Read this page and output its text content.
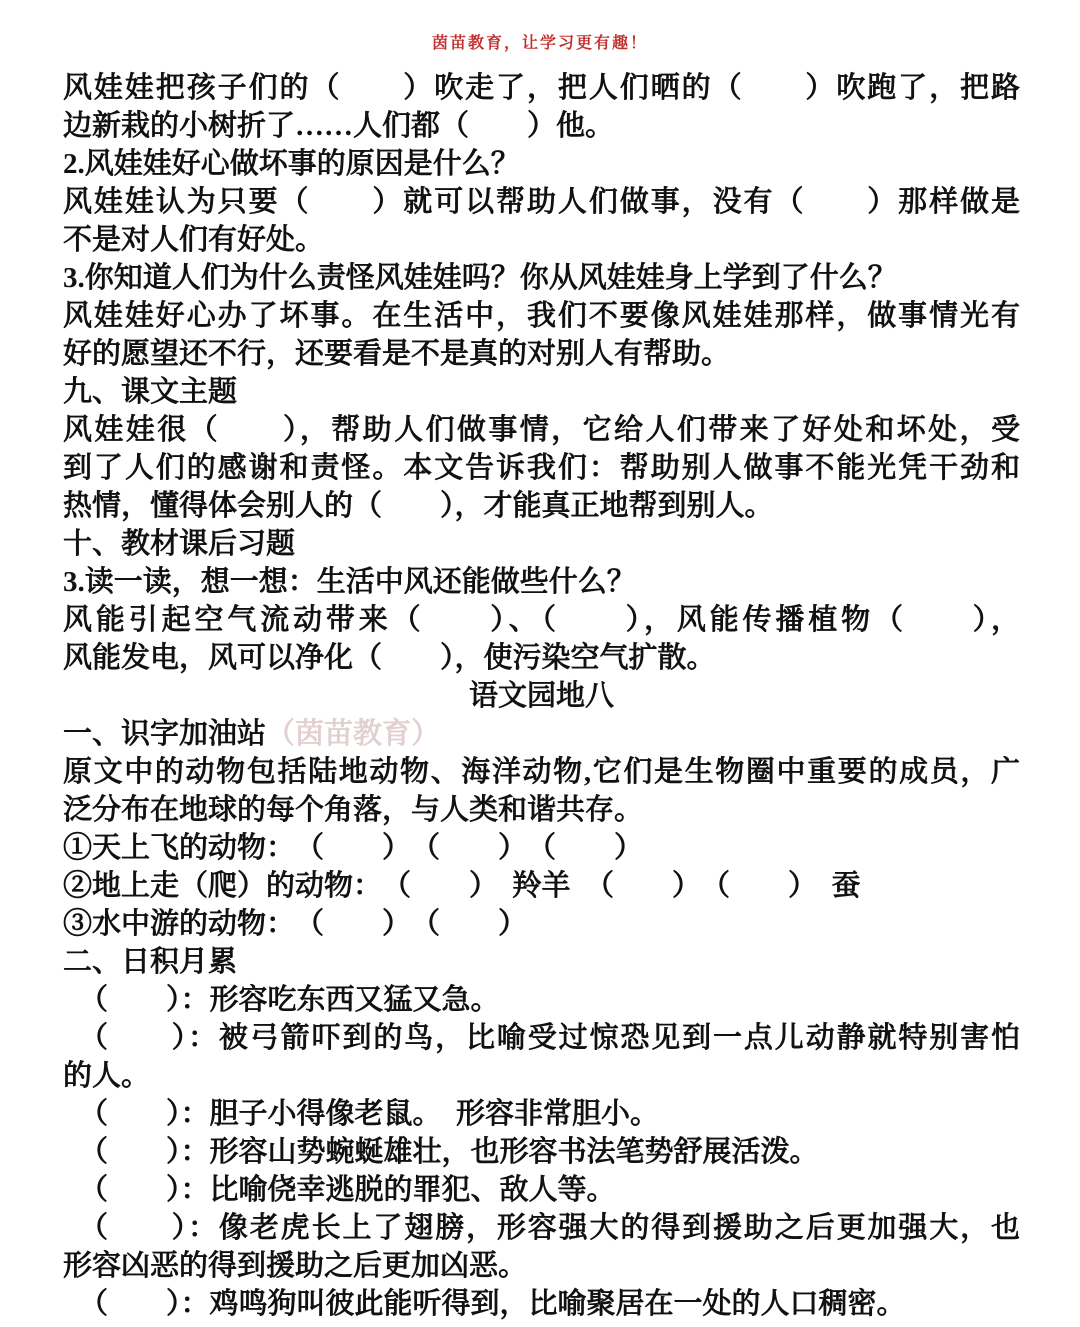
茵苗教育，让学习更有趣！
风娃娃把孩子们的（　　）吹走了，把人们晒的（　　）吹跑了，把路
边新栽的小树折了……人们都（　　）他。
2.风娃娃好心做坏事的原因是什么？
风娃娃认为只要（　　）就可以帮助人们做事，没有（　　）那样做是
不是对人们有好处。
3.你知道人们为什么责怪风娃娃吗？你从风娃娃身上学到了什么？
风娃娃好心办了坏事。在生活中，我们不要像风娃娃那样，做事情光有
好的愿望还不行，还要看是不是真的对别人有帮助。
九、课文主题
风娃娃很（　　），帮助人们做事情，它给人们带来了好处和坏处，受
到了人们的感谢和责怪。本文告诉我们：帮助别人做事不能光凭干劲和
热情，懂得体会别人的（　　），才能真正地帮到别人。
十、教材课后习题
3.读一读，想一想：生活中风还能做些什么？
风能引起空气流动带来（　　）、（　　），风能传播植物（　　），
风能发电，风可以净化（　　），使污染空气扩散。
语文园地八
一、识字加油站（茵苗教育）
原文中的动物包括陆地动物、海洋动物,它们是生物圈中重要的成员，广
泛分布在地球的每个角落，与人类和谐共存。
①天上飞的动物：　（　　）　（　　）　（　　）
②地上走（爬）的动物：　（　　）　羚羊　（　　）　（　　）　蚕
③水中游的动物：　（　　）　（　　）
二、日积月累
（　　）：形容吃东西又猛又急。
（　　）：被弓箭吓到的鸟，比喻受过惊恐见到一点儿动静就特别害怕
的人。
（　　）：胆子小得像老鼠。　形容非常胆小。
（　　）：形容山势蜿蜒雄壮，也形容书法笔势舒展活泼。
（　　）：比喻侥幸逃脱的罪犯、敌人等。
（　　）：像老虎长上了翅膀，形容强大的得到援助之后更加强大，也
形容凶恶的得到援助之后更加凶恶。
（　　）：鸡鸣狗叫彼此能听得到，比喻聚居在一处的人口稠密。
